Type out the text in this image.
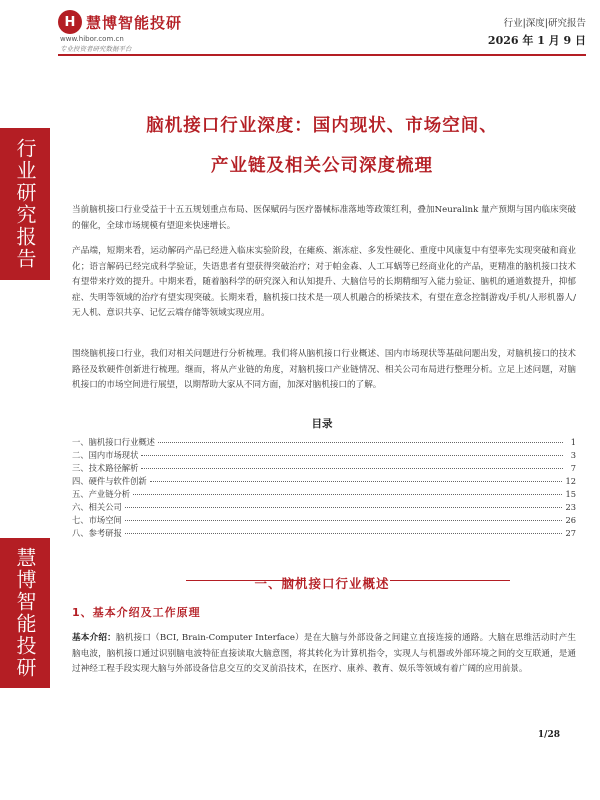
行业研究报告
慧博智能投研
H 慧博智能投研
www.hibor.com.cn
专业投资者研究数据平台
行业|深度|研究报告
2026 年 1 月 9 日
脑机接口行业深度：国内现状、市场空间、
产业链及相关公司深度梳理

当前脑机接口行业受益于十五五规划重点布局、医保赋码与医疗器械标准落地等政策红利，叠加Neuralink 量产预期与国内临床突破的催化，全球市场规模有望迎来快速增长。

产品端，短期来看，运动解码产品已经进入临床实验阶段，在瘫痪、渐冻症、多发性硬化、重度中风康复中有望率先实现突破和商业化；语言解码已经完成科学验证，失语患者有望获得突破治疗；对于帕金森、人工耳蜗等已经商业化的产品，更精准的脑机接口技术有望带来疗效的提升。中期来看，随着脑科学的研究深入和认知提升、大脑信号的长期精细写入能力验证、脑机的通道数提升，抑郁症、失明等领域的治疗有望实现突破。长期来看，脑机接口技术是一项人机融合的桥梁技术，有望在意念控制游戏/手机/人形机器人/无人机、意识共享、记忆云端存储等领域实现应用。

围绕脑机接口行业，我们对相关问题进行分析梳理。我们将从脑机接口行业概述、国内市场现状等基础问题出发，对脑机接口的技术路径及软硬件创新进行梳理。继而，将从产业链的角度，对脑机接口产业链情况、相关公司布局进行整理分析。立足上述问题，对脑机接口的市场空间进行展望，以期帮助大家从不同方面，加深对脑机接口的了解。

目录
一、脑机接口行业概述	1
二、国内市场现状	3
三、技术路径解析	7
四、硬件与软件创新	12
五、产业链分析	15
六、相关公司	23
七、市场空间	26
八、参考研报	27
一、脑机接口行业概述
1、基本介绍及工作原理

基本介绍：脑机接口（BCI, Brain-Computer Interface）是在大脑与外部设备之间建立直接连接的通路。大脑在思维活动时产生脑电波，脑机接口通过识别脑电波特征直接读取大脑意图，将其转化为计算机指令，实现人与机器或外部环境之间的交互联通，是通过神经工程手段实现大脑与外部设备信息交互的交叉前沿技术，在医疗、康养、教育、娱乐等领域有着广阔的应用前景。

1/28
